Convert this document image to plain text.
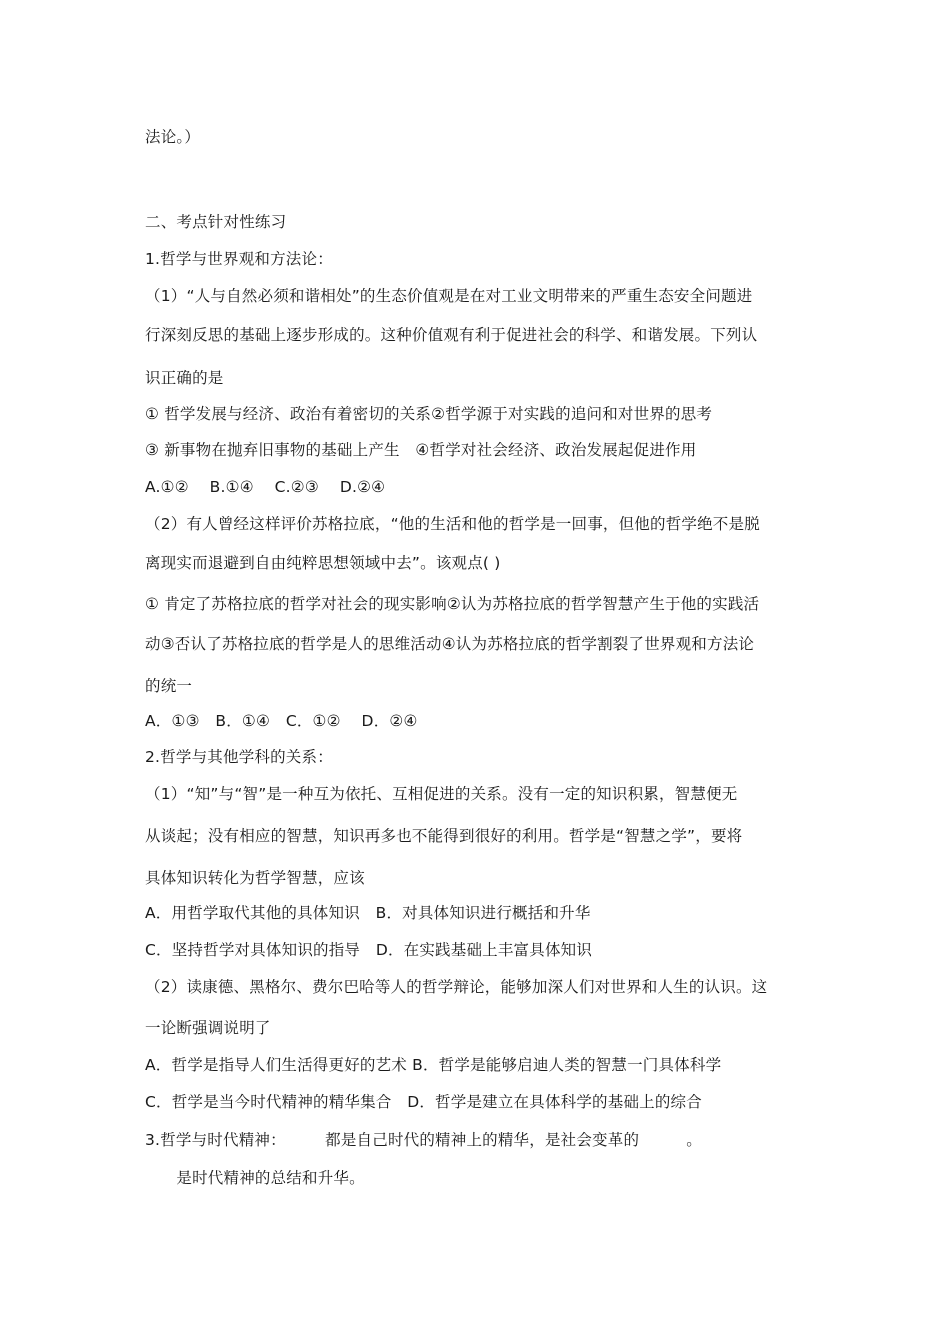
法论。）
二、考点针对性练习
1.哲学与世界观和方法论：
（1）“人与自然必须和谐相处”的生态价值观是在对工业文明带来的严重生态安全问题进
行深刻反思的基础上逐步形成的。这种价值观有利于促进社会的科学、和谐发展。下列认
识正确的是
① 哲学发展与经济、政治有着密切的关系②哲学源于对实践的追问和对世界的思考
③ 新事物在抛弃旧事物的基础上产生　④哲学对社会经济、政治发展起促进作用
A.①②　 B.①④　 C.②③　 D.②④
（2）有人曾经这样评价苏格拉底，“他的生活和他的哲学是一回事，但他的哲学绝不是脱
离现实而退避到自由纯粹思想领域中去”。该观点( )
① 肯定了苏格拉底的哲学对社会的现实影响②认为苏格拉底的哲学智慧产生于他的实践活
动③否认了苏格拉底的哲学是人的思维活动④认为苏格拉底的哲学割裂了世界观和方法论
的统一
A．①③　B．①④　C．①②　 D．②④
2.哲学与其他学科的关系：
（1）“知”与“智”是一种互为依托、互相促进的关系。没有一定的知识积累，智慧便无
从谈起；没有相应的智慧，知识再多也不能得到很好的利用。哲学是“智慧之学”，要将
具体知识转化为哲学智慧，应该
A．用哲学取代其他的具体知识　B．对具体知识进行概括和升华
C．坚持哲学对具体知识的指导　D．在实践基础上丰富具体知识
（2）读康德、黑格尔、费尔巴哈等人的哲学辩论，能够加深人们对世界和人生的认识。这
一论断强调说明了
A．哲学是指导人们生活得更好的艺术 B．哲学是能够启迪人类的智慧一门具体科学
C．哲学是当今时代精神的精华集合　D．哲学是建立在具体科学的基础上的综合
3.哲学与时代精神：　　　都是自己时代的精神上的精华，是社会变革的　　　。
　　是时代精神的总结和升华。
